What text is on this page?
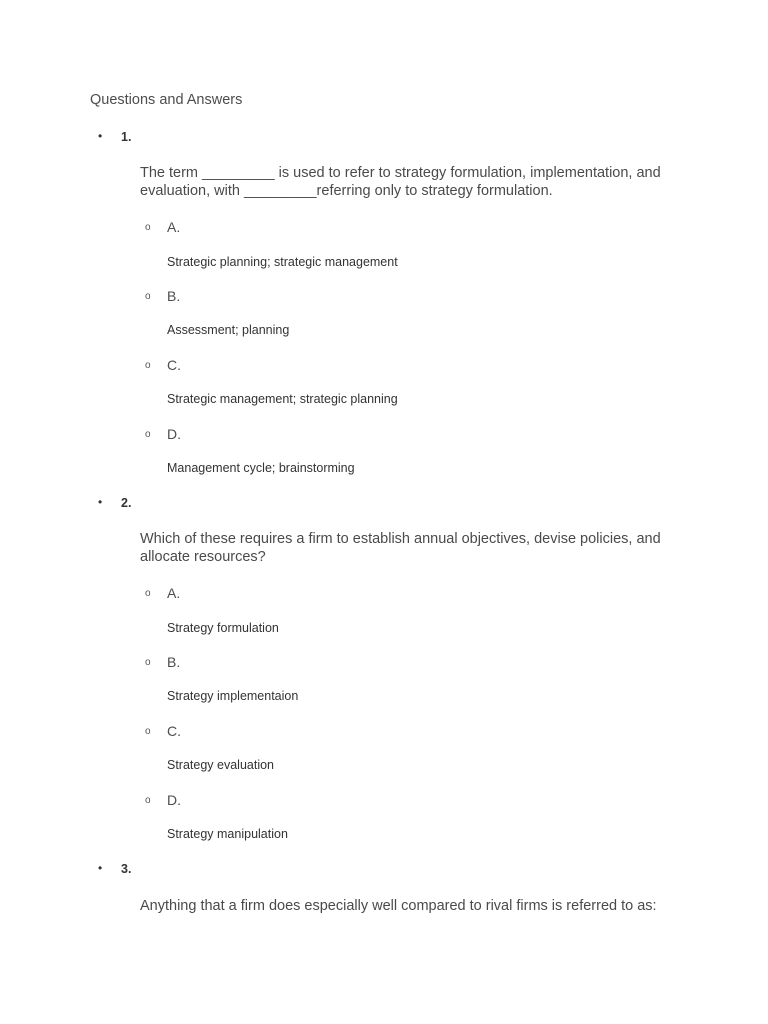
Questions and Answers
• 1.
The term _________ is used to refer to strategy formulation, implementation, and evaluation, with _________referring only to strategy formulation.
o A.
Strategic planning; strategic management
o B.
Assessment; planning
o C.
Strategic management; strategic planning
o D.
Management cycle; brainstorming
• 2.
Which of these requires a firm to establish annual objectives, devise policies, and allocate resources?
o A.
Strategy formulation
o B.
Strategy implementaion
o C.
Strategy evaluation
o D.
Strategy manipulation
• 3.
Anything that a firm does especially well compared to rival firms is referred to as:
